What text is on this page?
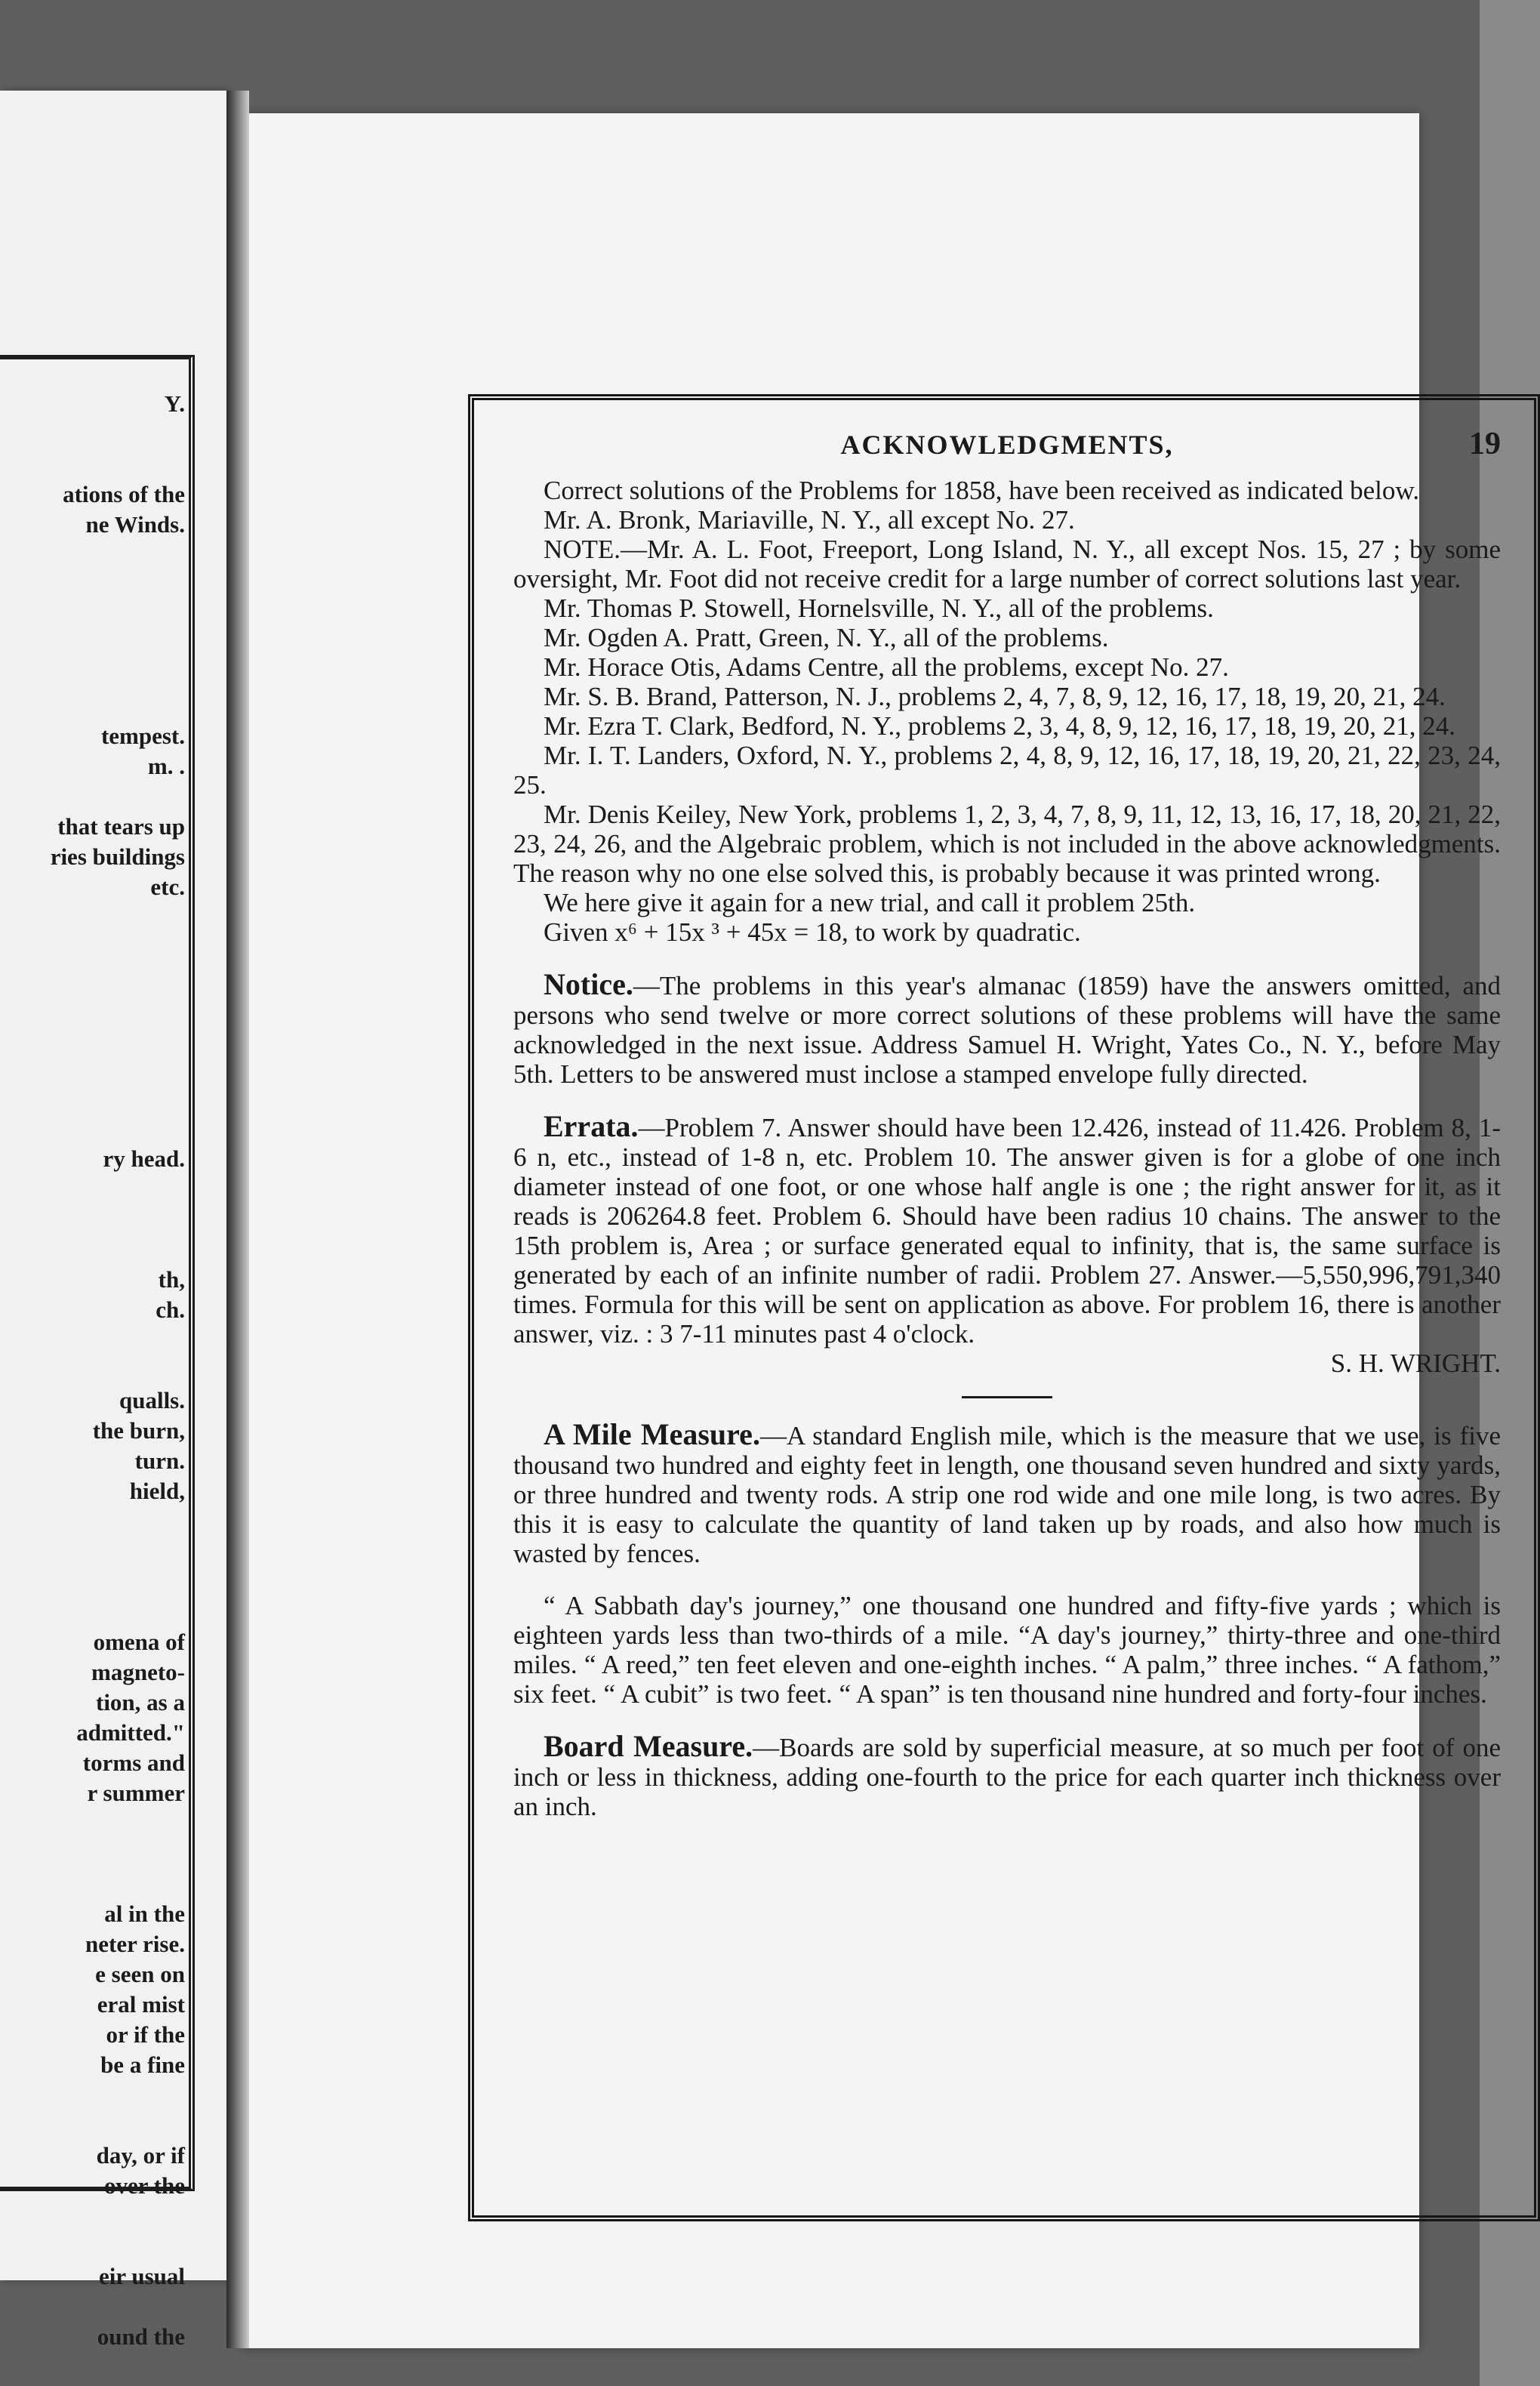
Y.
ations of the
ne Winds.
tempest.
m. .
that tears up
ries buildings
etc.
ry head.
th,
ch.
qualls.
the burn,
turn.
hield,
omena of
magneto-
tion, as a
admitted."
torms and
r summer
al in the
neter rise.
e seen on
eral mist
or if the
be a fine
day, or if
over the
eir usual
ound the
ACKNOWLEDGMENTS,	19

Correct solutions of the Problems for 1858, have been received as indicated below.

Mr. A. Bronk, Mariaville, N. Y., all except No. 27.

NOTE.—Mr. A. L. Foot, Freeport, Long Island, N. Y., all except Nos. 15, 27 ; by some oversight, Mr. Foot did not receive credit for a large number of correct solutions last year.

Mr. Thomas P. Stowell, Hornelsville, N. Y., all of the problems.

Mr. Ogden A. Pratt, Green, N. Y., all of the problems.

Mr. Horace Otis, Adams Centre, all the problems, except No. 27.

Mr. S. B. Brand, Patterson, N. J., problems 2, 4, 7, 8, 9, 12, 16, 17, 18, 19, 20, 21, 24.

Mr. Ezra T. Clark, Bedford, N. Y., problems 2, 3, 4, 8, 9, 12, 16, 17, 18, 19, 20, 21, 24.

Mr. I. T. Landers, Oxford, N. Y., problems 2, 4, 8, 9, 12, 16, 17, 18, 19, 20, 21, 22, 23, 24, 25.

Mr. Denis Keiley, New York, problems 1, 2, 3, 4, 7, 8, 9, 11, 12, 13, 16, 17, 18, 20, 21, 22, 23, 24, 26, and the Algebraic problem, which is not included in the above acknowledgments. The reason why no one else solved this, is probably because it was printed wrong.

We here give it again for a new trial, and call it problem 25th.

Given x⁶ + 15x ³ + 45x = 18, to work by quadratic.

Notice.—The problems in this year's almanac (1859) have the answers omitted, and persons who send twelve or more correct solutions of these problems will have the same acknowledged in the next issue. Address Samuel H. Wright, Yates Co., N. Y., before May 5th. Letters to be answered must inclose a stamped envelope fully directed.

Errata.—Problem 7. Answer should have been 12.426, instead of 11.426. Problem 8, 1-6 n, etc., instead of 1-8 n, etc. Problem 10. The answer given is for a globe of one inch diameter instead of one foot, or one whose half angle is one ; the right answer for it, as it reads is 206264.8 feet. Problem 6. Should have been radius 10 chains. The answer to the 15th problem is, Area ; or surface generated equal to infinity, that is, the same surface is generated by each of an infinite number of radii. Problem 27. Answer.—5,550,996,791,340 times. Formula for this will be sent on application as above. For problem 16, there is another answer, viz. : 3 7-11 minutes past 4 o'clock.

S. H. WRIGHT.

A Mile Measure.—A standard English mile, which is the measure that we use, is five thousand two hundred and eighty feet in length, one thousand seven hundred and sixty yards, or three hundred and twenty rods. A strip one rod wide and one mile long, is two acres. By this it is easy to calculate the quantity of land taken up by roads, and also how much is wasted by fences.

“ A Sabbath day's journey,” one thousand one hundred and fifty-five yards ; which is eighteen yards less than two-thirds of a mile. “A day's journey,” thirty-three and one-third miles. “ A reed,” ten feet eleven and one-eighth inches. “ A palm,” three inches. “ A fathom,” six feet. “ A cubit” is two feet. “ A span” is ten thousand nine hundred and forty-four inches.

Board Measure.—Boards are sold by superficial measure, at so much per foot of one inch or less in thickness, adding one-fourth to the price for each quarter inch thickness over an inch.
